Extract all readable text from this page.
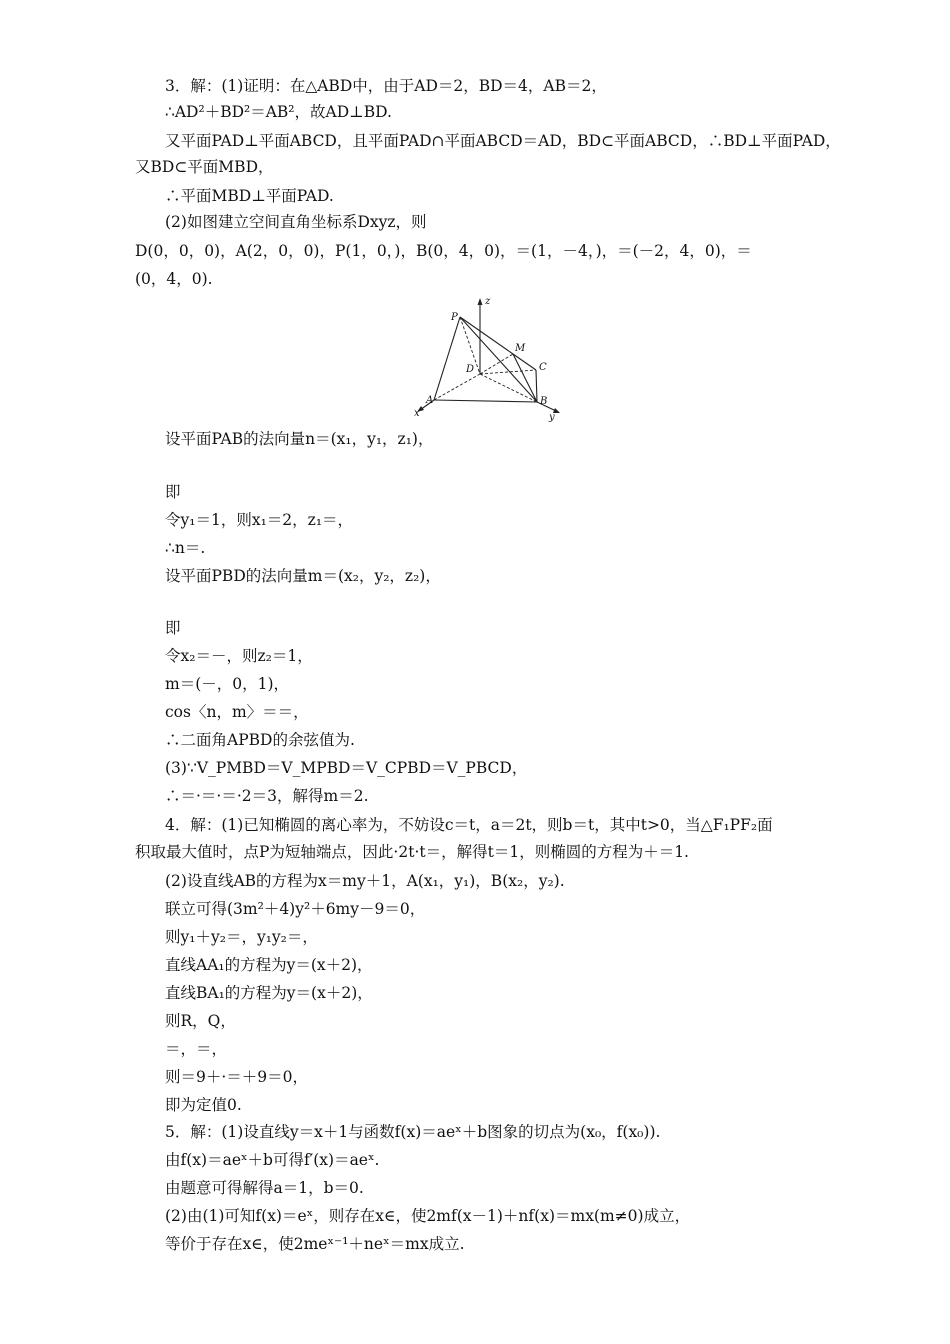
3．解：(1)证明：在△ABD中，由于AD＝2，BD＝4，AB＝2，
∴AD²＋BD²＝AB²，故AD⊥BD.
又平面PAD⊥平面ABCD，且平面PAD∩平面ABCD＝AD，BD⊂平面ABCD，∴BD⊥平面PAD，
又BD⊂平面MBD，
∴平面MBD⊥平面PAD.
(2)如图建立空间直角坐标系Dxyz，则
D(0，0，0)，A(2，0，0)，P(1，0，)，B(0，4，0)，＝(1，－4，)，＝(－2，4，0)，＝
(0，4，0).
设平面PAB的法向量n＝(x₁，y₁，z₁)，
即
令y₁＝1，则x₁＝2，z₁＝，
∴n＝.
设平面PBD的法向量m＝(x₂，y₂，z₂)，
即
令x₂＝－，则z₂＝1，
m＝(－，0，1)，
cos〈n，m〉＝＝，
∴二面角APBD的余弦值为.
(3)∵V_PMBD＝V_MPBD＝V_CPBD＝V_PBCD，
∴＝·＝·＝·2＝3，解得m＝2.
4．解：(1)已知椭圆的离心率为，不妨设c＝t，a＝2t，则b＝t，其中t>0，当△F₁PF₂面
积取最大值时，点P为短轴端点，因此·2t·t＝，解得t＝1，则椭圆的方程为＋＝1.
(2)设直线AB的方程为x＝my＋1，A(x₁，y₁)，B(x₂，y₂).
联立可得(3m²＋4)y²＋6my－9＝0，
则y₁＋y₂＝，y₁y₂＝，
直线AA₁的方程为y＝(x＋2)，
直线BA₁的方程为y＝(x＋2)，
则R，Q，
＝，＝，
则＝9＋·＝＋9＝0，
即为定值0.
5．解：(1)设直线y＝x＋1与函数f(x)＝aeˣ＋b图象的切点为(x₀，f(x₀)).
由f(x)＝aeˣ＋b可得f′(x)＝aeˣ.
由题意可得解得a＝1，b＝0.
(2)由(1)可知f(x)＝eˣ，则存在x∈，使2mf(x－1)＋nf(x)＝mx(m≠0)成立，
等价于存在x∈，使2meˣ⁻¹＋neˣ＝mx成立.
P
z
M
D	C
A	B
x	y
